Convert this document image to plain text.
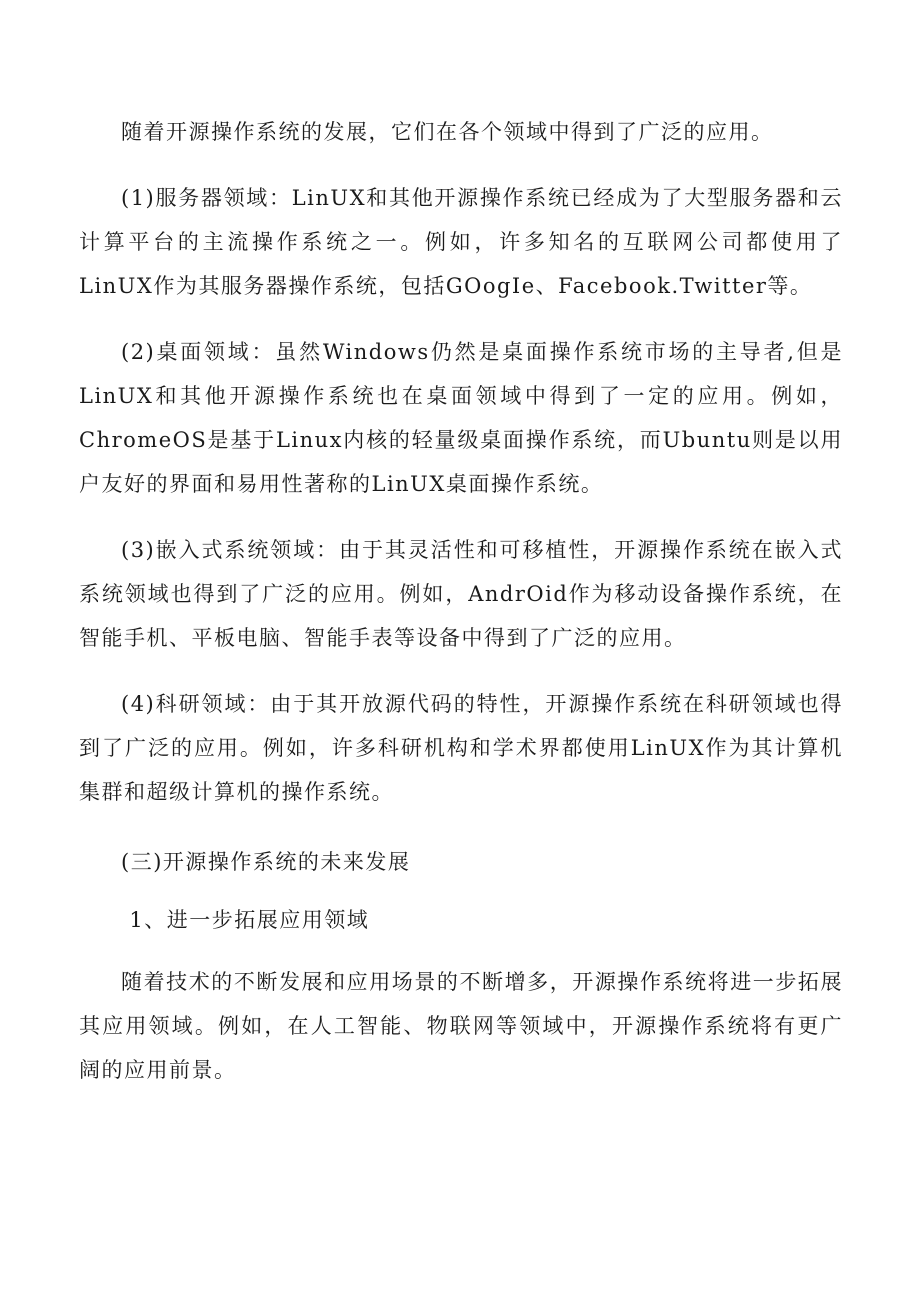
随着开源操作系统的发展，它们在各个领域中得到了广泛的应用。

(1)服务器领域：LinUX和其他开源操作系统已经成为了大型服务器和云计算平台的主流操作系统之一。例如，许多知名的互联网公司都使用了LinUX作为其服务器操作系统，包括GOogIe、Facebook.Twitter等。

(2)桌面领域：虽然Windows仍然是桌面操作系统市场的主导者,但是LinUX和其他开源操作系统也在桌面领域中得到了一定的应用。例如，ChromeOS是基于Linux内核的轻量级桌面操作系统，而Ubuntu则是以用户友好的界面和易用性著称的LinUX桌面操作系统。

(3)嵌入式系统领域：由于其灵活性和可移植性，开源操作系统在嵌入式系统领域也得到了广泛的应用。例如，AndrOid作为移动设备操作系统，在智能手机、平板电脑、智能手表等设备中得到了广泛的应用。

(4)科研领域：由于其开放源代码的特性，开源操作系统在科研领域也得到了广泛的应用。例如，许多科研机构和学术界都使用LinUX作为其计算机集群和超级计算机的操作系统。

(三)开源操作系统的未来发展

1、进一步拓展应用领域

随着技术的不断发展和应用场景的不断增多，开源操作系统将进一步拓展其应用领域。例如，在人工智能、物联网等领域中，开源操作系统将有更广阔的应用前景。
